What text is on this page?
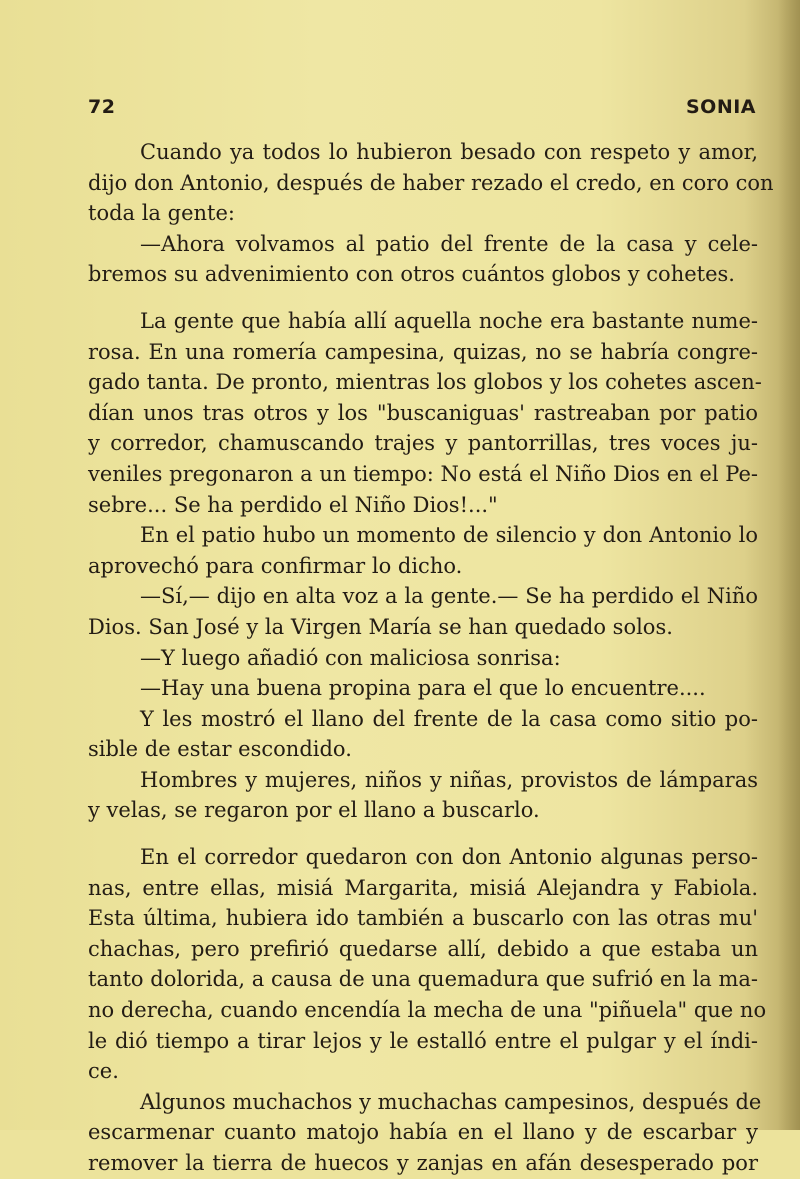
72	SONIA
Cuando ya todos lo hubieron besado con respeto y amor,
dijo don Antonio, después de haber rezado el credo, en coro con
toda la gente:
—Ahora volvamos al patio del frente de la casa y cele-
bremos su advenimiento con otros cuántos globos y cohetes.
La gente que había allí aquella noche era bastante nume-
rosa. En una romería campesina, quizas, no se habría congre-
gado tanta. De pronto, mientras los globos y los cohetes ascen-
dían unos tras otros y los "buscaniguas' rastreaban por patio
y corredor, chamuscando trajes y pantorrillas, tres voces ju-
veniles pregonaron a un tiempo: No está el Niño Dios en el Pe-
sebre... Se ha perdido el Niño Dios!..."
En el patio hubo un momento de silencio y don Antonio lo
aprovechó para confirmar lo dicho.
—Sí,— dijo en alta voz a la gente.— Se ha perdido el Niño
Dios. San José y la Virgen María se han quedado solos.
—Y luego añadió con maliciosa sonrisa:
—Hay una buena propina para el que lo encuentre....
Y les mostró el llano del frente de la casa como sitio po-
sible de estar escondido.
Hombres y mujeres, niños y niñas, provistos de lámparas
y velas, se regaron por el llano a buscarlo.
En el corredor quedaron con don Antonio algunas perso-
nas, entre ellas, misiá Margarita, misiá Alejandra y Fabiola.
Esta última, hubiera ido también a buscarlo con las otras mu'
chachas, pero prefirió quedarse allí, debido a que estaba un
tanto dolorida, a causa de una quemadura que sufrió en la ma-
no derecha, cuando encendía la mecha de una "piñuela" que no
le dió tiempo a tirar lejos y le estalló entre el pulgar y el índi-
ce.
Algunos muchachos y muchachas campesinos, después de
escarmenar cuanto matojo había en el llano y de escarbar y
remover la tierra de huecos y zanjas en afán desesperado por
